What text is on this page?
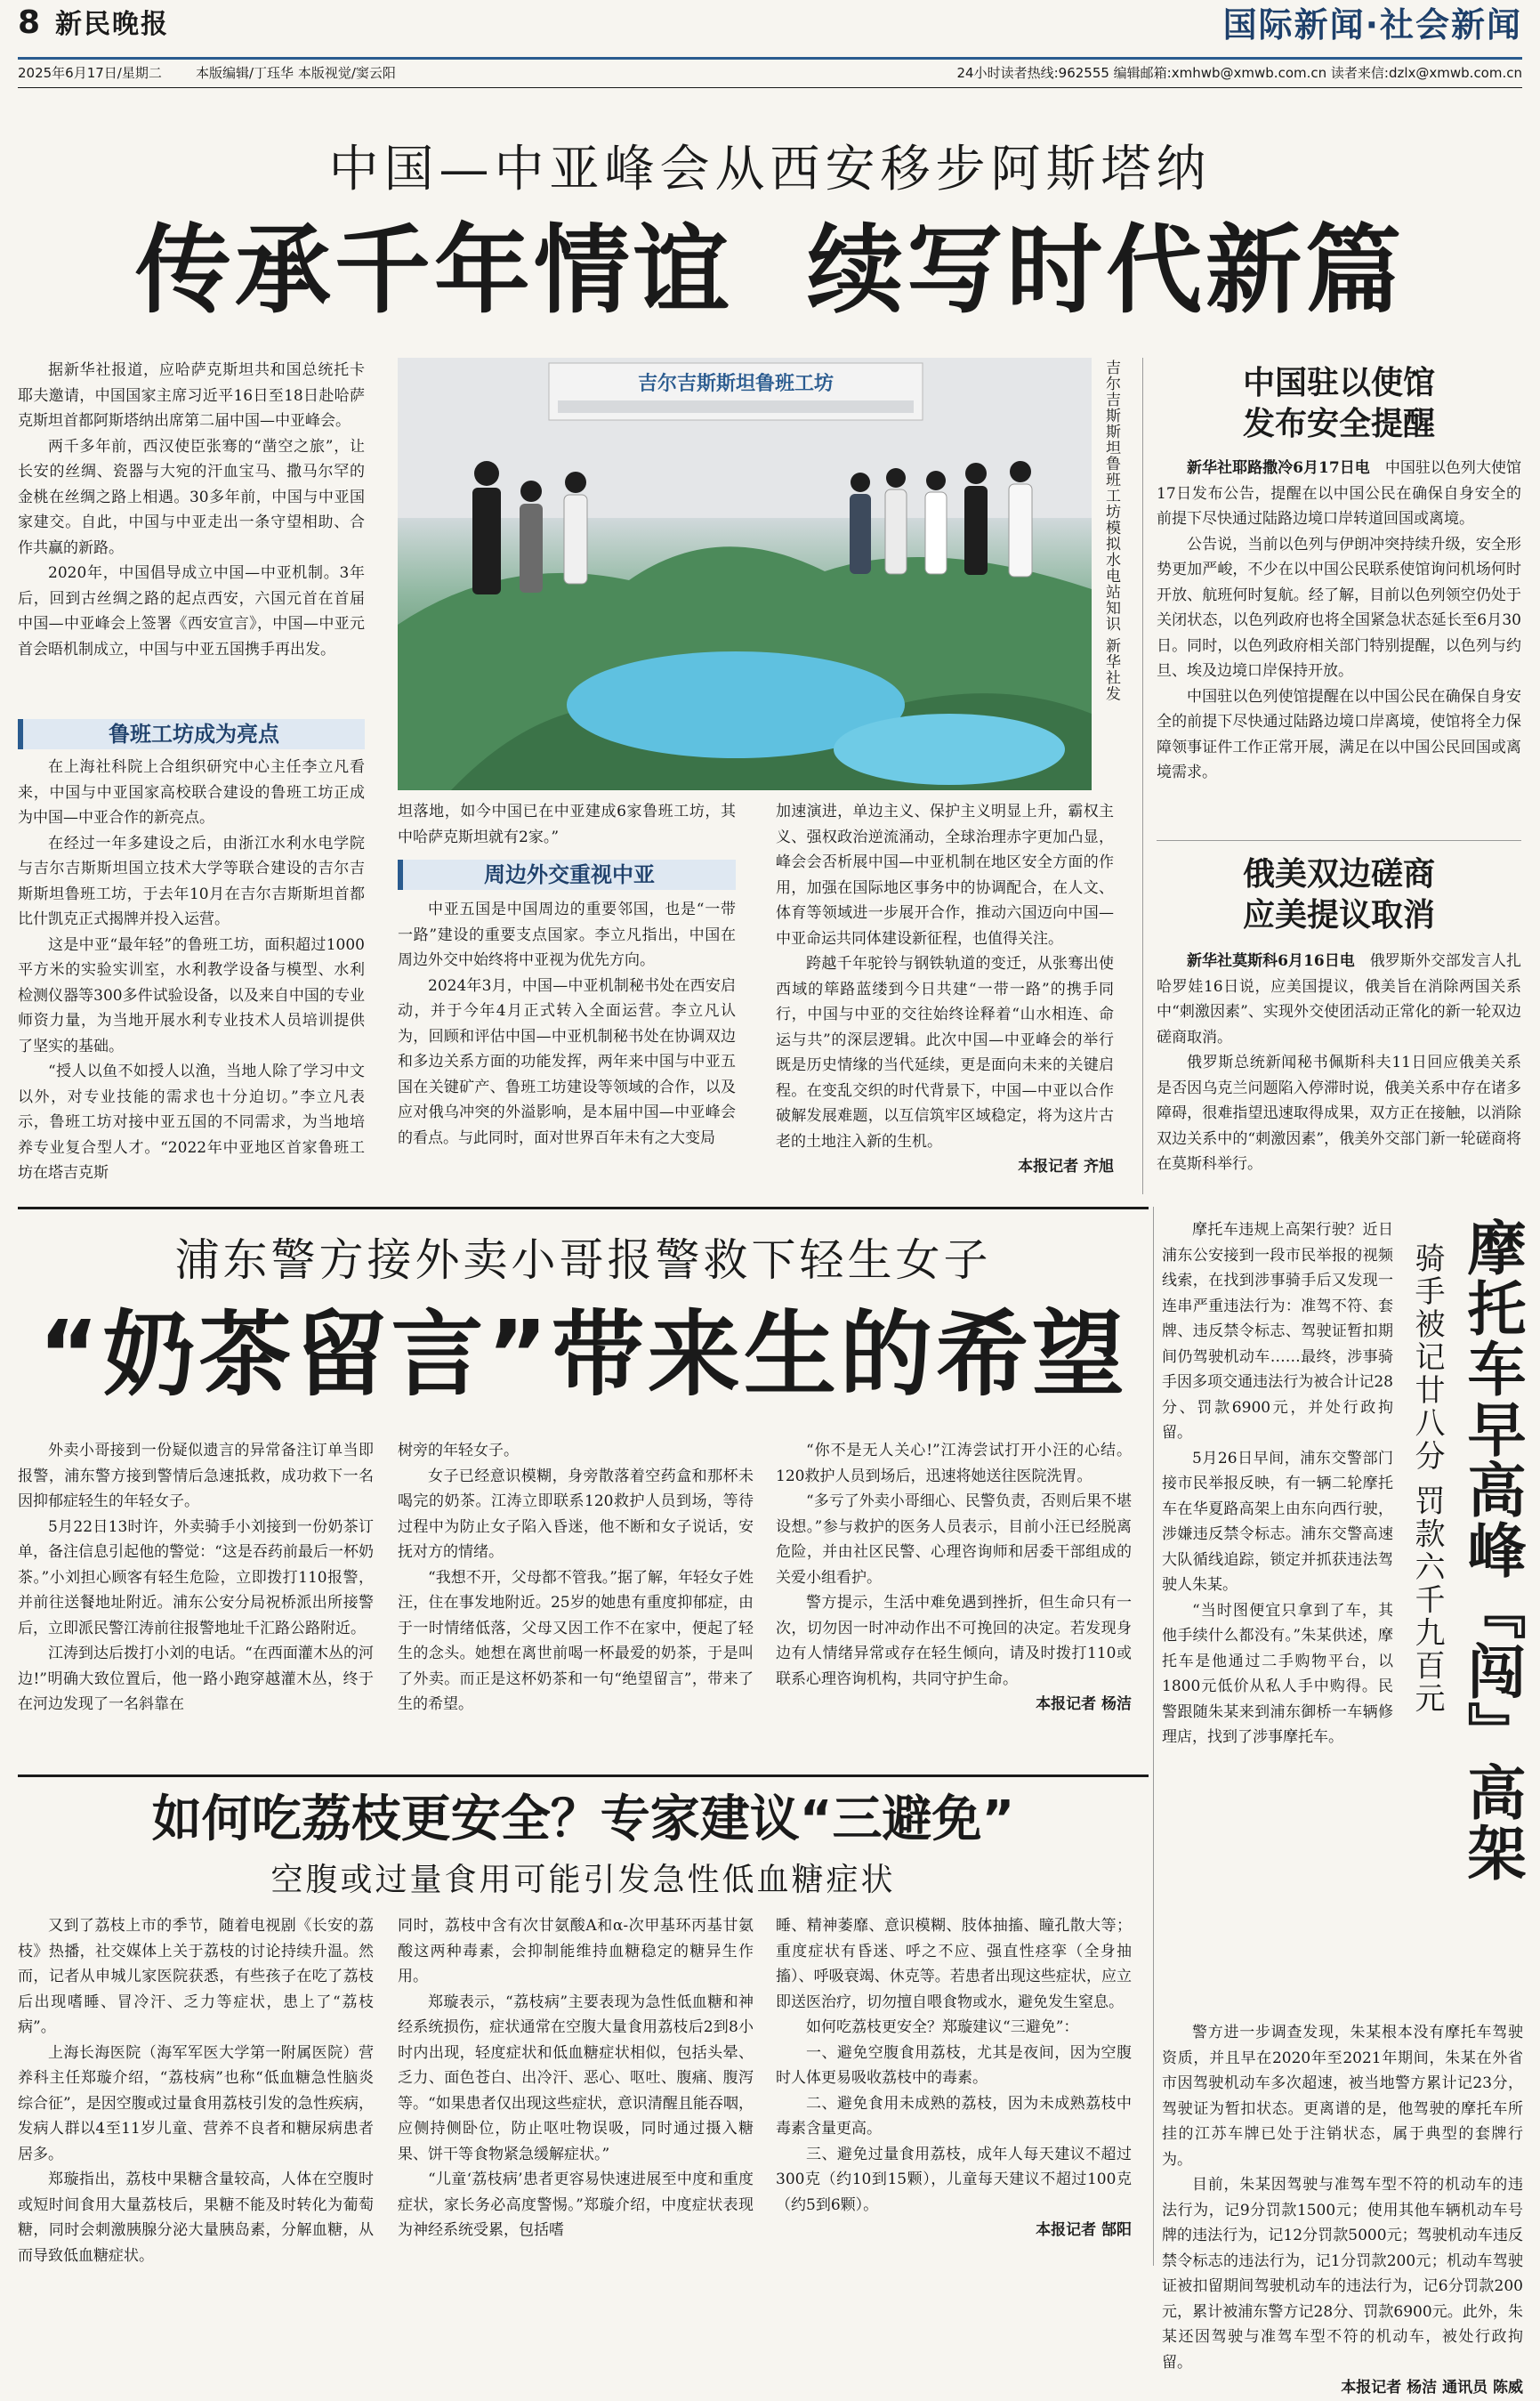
8 新民晚报	国际新闻·社会新闻
2025年6月17日/星期二	本版编辑/丁珏华 本版视觉/窦云阳	24小时读者热线:962555 编辑邮箱:xmhwb@xmwb.com.cn 读者来信:dzlx@xmwb.com.cn
中国—中亚峰会从西安移步阿斯塔纳
传承千年情谊  续写时代新篇

据新华社报道，应哈萨克斯坦共和国总统托卡耶夫邀请，中国国家主席习近平16日至18日赴哈萨克斯坦首都阿斯塔纳出席第二届中国—中亚峰会。

两千多年前，西汉使臣张骞的“凿空之旅”，让长安的丝绸、瓷器与大宛的汗血宝马、撒马尔罕的金桃在丝绸之路上相遇。30多年前，中国与中亚国家建交。自此，中国与中亚走出一条守望相助、合作共赢的新路。

2020年，中国倡导成立中国—中亚机制。3年后，回到古丝绸之路的起点西安，六国元首在首届中国—中亚峰会上签署《西安宣言》，中国—中亚元首会晤机制成立，中国与中亚五国携手再出发。

鲁班工坊成为亮点

在上海社科院上合组织研究中心主任李立凡看来，中国与中亚国家高校联合建设的鲁班工坊正成为中国—中亚合作的新亮点。

在经过一年多建设之后，由浙江水利水电学院与吉尔吉斯斯坦国立技术大学等联合建设的吉尔吉斯斯坦鲁班工坊，于去年10月在吉尔吉斯斯坦首都比什凯克正式揭牌并投入运营。

这是中亚“最年轻”的鲁班工坊，面积超过1000平方米的实验实训室，水利教学设备与模型、水利检测仪器等300多件试验设备，以及来自中国的专业师资力量，为当地开展水利专业技术人员培训提供了坚实的基础。

“授人以鱼不如授人以渔，当地人除了学习中文以外，对专业技能的需求也十分迫切。”李立凡表示，鲁班工坊对接中亚五国的不同需求，为当地培养专业复合型人才。“2022年中亚地区首家鲁班工坊在塔吉克斯

吉尔吉斯斯坦鲁班工坊	吉尔吉斯斯坦鲁班工坊模拟水电站知识 新华社发

坦落地，如今中国已在中亚建成6家鲁班工坊，其中哈萨克斯坦就有2家。”

周边外交重视中亚

中亚五国是中国周边的重要邻国，也是“一带一路”建设的重要支点国家。李立凡指出，中国在周边外交中始终将中亚视为优先方向。

2024年3月，中国—中亚机制秘书处在西安启动，并于今年4月正式转入全面运营。李立凡认为，回顾和评估中国—中亚机制秘书处在协调双边和多边关系方面的功能发挥，两年来中国与中亚五国在关键矿产、鲁班工坊建设等领域的合作，以及应对俄乌冲突的外溢影响，是本届中国—中亚峰会的看点。与此同时，面对世界百年未有之大变局

加速演进，单边主义、保护主义明显上升，霸权主义、强权政治逆流涌动，全球治理赤字更加凸显，峰会会否析展中国—中亚机制在地区安全方面的作用，加强在国际地区事务中的协调配合，在人文、体育等领域进一步展开合作，推动六国迈向中国—中亚命运共同体建设新征程，也值得关注。

跨越千年驼铃与钢铁轨道的变迁，从张骞出使西域的筚路蓝缕到今日共建“一带一路”的携手同行，中国与中亚的交往始终诠释着“山水相连、命运与共”的深层逻辑。此次中国—中亚峰会的举行既是历史情缘的当代延续，更是面向未来的关键启程。在变乱交织的时代背景下，中国—中亚以合作破解发展难题，以互信筑牢区域稳定，将为这片古老的土地注入新的生机。

本报记者 齐旭

中国驻以使馆
发布安全提醒

新华社耶路撒冷6月17日电　 中国驻以色列大使馆17日发布公告，提醒在以中国公民在确保自身安全的前提下尽快通过陆路边境口岸转道回国或离境。

公告说，当前以色列与伊朗冲突持续升级，安全形势更加严峻，不少在以中国公民联系使馆询问机场何时开放、航班何时复航。经了解，目前以色列领空仍处于关闭状态，以色列政府也将全国紧急状态延长至6月30日。同时，以色列政府相关部门特别提醒，以色列与约旦、埃及边境口岸保持开放。

中国驻以色列使馆提醒在以中国公民在确保自身安全的前提下尽快通过陆路边境口岸离境，使馆将全力保障领事证件工作正常开展，满足在以中国公民回国或离境需求。

俄美双边磋商
应美提议取消

新华社莫斯科6月16日电　 俄罗斯外交部发言人扎哈罗娃16日说，应美国提议，俄美旨在消除两国关系中“刺激因素”、实现外交使团活动正常化的新一轮双边磋商取消。

俄罗斯总统新闻秘书佩斯科夫11日回应俄美关系是否因乌克兰问题陷入停滞时说，俄美关系中存在诸多障碍，很难指望迅速取得成果，双方正在接触，以消除双边关系中的“刺激因素”，俄美外交部门新一轮磋商将在莫斯科举行。

浦东警方接外卖小哥报警救下轻生女子
“奶茶留言”带来生的希望

外卖小哥接到一份疑似遗言的异常备注订单当即报警，浦东警方接到警情后急速抵救，成功救下一名因抑郁症轻生的年轻女子。

5月22日13时许，外卖骑手小刘接到一份奶茶订单，备注信息引起他的警觉：“这是吞药前最后一杯奶茶。”小刘担心顾客有轻生危险，立即拨打110报警，并前往送餐地址附近。浦东公安分局祝桥派出所接警后，立即派民警江涛前往报警地址千汇路公路附近。

江涛到达后拨打小刘的电话。“在西面灌木丛的河边!”明确大致位置后，他一路小跑穿越灌木丛，终于在河边发现了一名斜靠在

树旁的年轻女子。

女子已经意识模糊，身旁散落着空药盒和那杯未喝完的奶茶。江涛立即联系120救护人员到场，等待过程中为防止女子陷入昏迷，他不断和女子说话，安抚对方的情绪。

“我想不开，父母都不管我。”据了解，年轻女子姓汪，住在事发地附近。25岁的她患有重度抑郁症，由于一时情绪低落，父母又因工作不在家中，便起了轻生的念头。她想在离世前喝一杯最爱的奶茶，于是叫了外卖。而正是这杯奶茶和一句“绝望留言”，带来了生的希望。

“你不是无人关心!”江涛尝试打开小汪的心结。120救护人员到场后，迅速将她送往医院洗胃。

“多亏了外卖小哥细心、民警负责，否则后果不堪设想。”参与救护的医务人员表示，目前小汪已经脱离危险，并由社区民警、心理咨询师和居委干部组成的关爱小组看护。

警方提示，生活中难免遇到挫折，但生命只有一次，切勿因一时冲动作出不可挽回的决定。若发现身边有人情绪异常或存在轻生倾向，请及时拨打110或联系心理咨询机构，共同守护生命。

本报记者 杨洁

如何吃荔枝更安全？专家建议“三避免”
空腹或过量食用可能引发急性低血糖症状

又到了荔枝上市的季节，随着电视剧《长安的荔枝》热播，社交媒体上关于荔枝的讨论持续升温。然而，记者从申城儿家医院获悉，有些孩子在吃了荔枝后出现嗜睡、冒冷汗、乏力等症状，患上了“荔枝病”。

上海长海医院（海军军医大学第一附属医院）营养科主任郑璇介绍，“荔枝病”也称“低血糖急性脑炎综合征”，是因空腹或过量食用荔枝引发的急性疾病，发病人群以4至11岁儿童、营养不良者和糖尿病患者居多。

郑璇指出，荔枝中果糖含量较高，人体在空腹时或短时间食用大量荔枝后，果糖不能及时转化为葡萄糖，同时会刺激胰腺分泌大量胰岛素，分解血糖，从而导致低血糖症状。

同时，荔枝中含有次甘氨酸A和α-次甲基环丙基甘氨酸这两种毒素，会抑制能维持血糖稳定的糖异生作用。

郑璇表示，“荔枝病”主要表现为急性低血糖和神经系统损伤，症状通常在空腹大量食用荔枝后2到8小时内出现，轻度症状和低血糖症状相似，包括头晕、乏力、面色苍白、出冷汗、恶心、呕吐、腹痛、腹泻等。“如果患者仅出现这些症状，意识清醒且能吞咽，应侧持侧卧位，防止呕吐物误吸，同时通过摄入糖果、饼干等食物紧急缓解症状。”

“儿童‘荔枝病’患者更容易快速进展至中度和重度症状，家长务必高度警惕。”郑璇介绍，中度症状表现为神经系统受累，包括嗜

睡、精神萎靡、意识模糊、肢体抽搐、瞳孔散大等；重度症状有昏迷、呼之不应、强直性痉挛（全身抽搐）、呼吸衰竭、休克等。若患者出现这些症状，应立即送医治疗，切勿擅自喂食物或水，避免发生窒息。

如何吃荔枝更安全？郑璇建议“三避免”：

一、避免空腹食用荔枝，尤其是夜间，因为空腹时人体更易吸收荔枝中的毒素。

二、避免食用未成熟的荔枝，因为未成熟荔枝中毒素含量更高。

三、避免过量食用荔枝，成年人每天建议不超过300克（约10到15颗），儿童每天建议不超过100克（约5到6颗）。

本报记者 郜阳

摩托车违规上高架行驶？近日浦东公安接到一段市民举报的视频线索，在找到涉事骑手后又发现一连串严重违法行为：准驾不符、套牌、违反禁令标志、驾驶证暂扣期间仍驾驶机动车……最终，涉事骑手因多项交通违法行为被合计记28分、罚款6900元，并处行政拘留。

5月26日早间，浦东交警部门接市民举报反映，有一辆二轮摩托车在华夏路高架上由东向西行驶，涉嫌违反禁令标志。浦东交警高速大队循线追踪，锁定并抓获违法驾驶人朱某。

“当时图便宜只拿到了车，其他手续什么都没有。”朱某供述，摩托车是他通过二手购物平台，以1800元低价从私人手中购得。民警跟随朱某来到浦东御桥一车辆修理店，找到了涉事摩托车。	摩托车早高峰『闯』高架
骑手被记廿八分 罚款六千九百元

警方进一步调查发现，朱某根本没有摩托车驾驶资质，并且早在2020年至2021年期间，朱某在外省市因驾驶机动车多次超速，被当地警方累计记23分，驾驶证为暂扣状态。更离谱的是，他驾驶的摩托车所挂的江苏车牌已处于注销状态，属于典型的套牌行为。

目前，朱某因驾驶与准驾车型不符的机动车的违法行为，记9分罚款1500元；使用其他车辆机动车号牌的违法行为，记12分罚款5000元；驾驶机动车违反禁令标志的违法行为，记1分罚款200元；机动车驾驶证被扣留期间驾驶机动车的违法行为，记6分罚款200元，累计被浦东警方记28分、罚款6900元。此外，朱某还因驾驶与准驾车型不符的机动车，被处行政拘留。

本报记者 杨洁 通讯员 陈威
